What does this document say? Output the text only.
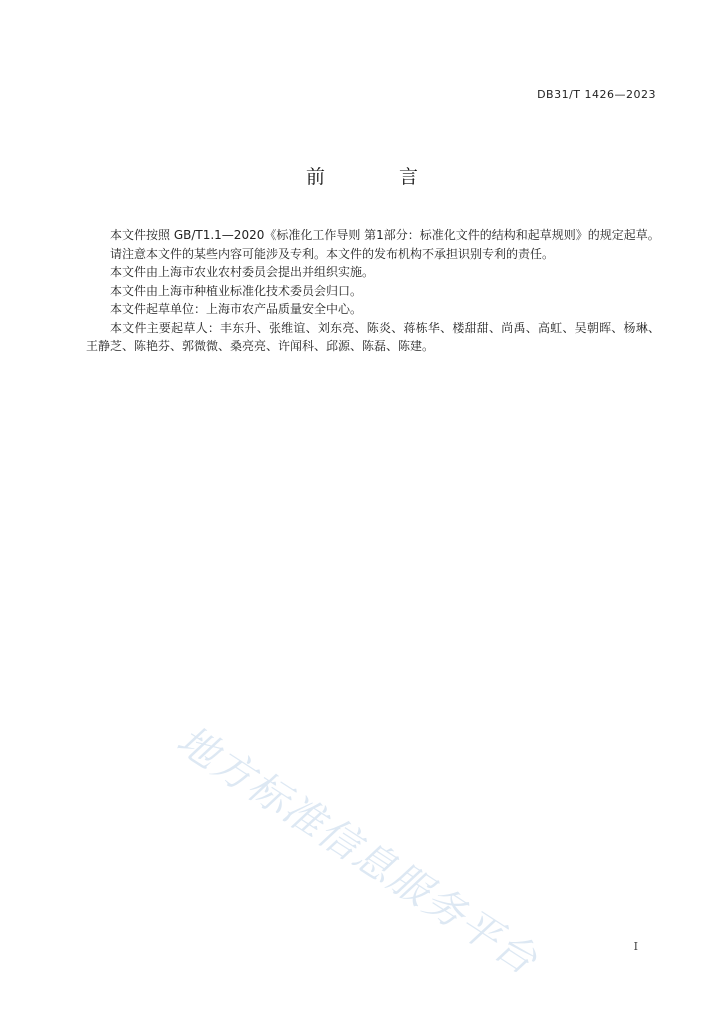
DB31/T 1426—2023
前 言

本文件按照 GB/T1.1—2020《标准化工作导则 第1部分：标准化文件的结构和起草规则》的规定起草。

请注意本文件的某些内容可能涉及专利。本文件的发布机构不承担识别专利的责任。

本文件由上海市农业农村委员会提出并组织实施。

本文件由上海市种植业标准化技术委员会归口。

本文件起草单位：上海市农产品质量安全中心。

本文件主要起草人：丰东升、张维谊、刘东亮、陈炎、蒋栋华、楼甜甜、尚禹、高虹、吴朝晖、杨琳、王静芝、陈艳芬、郭微微、桑亮亮、许闻科、邱源、陈磊、陈建。

地方标准信息服务平台	I
